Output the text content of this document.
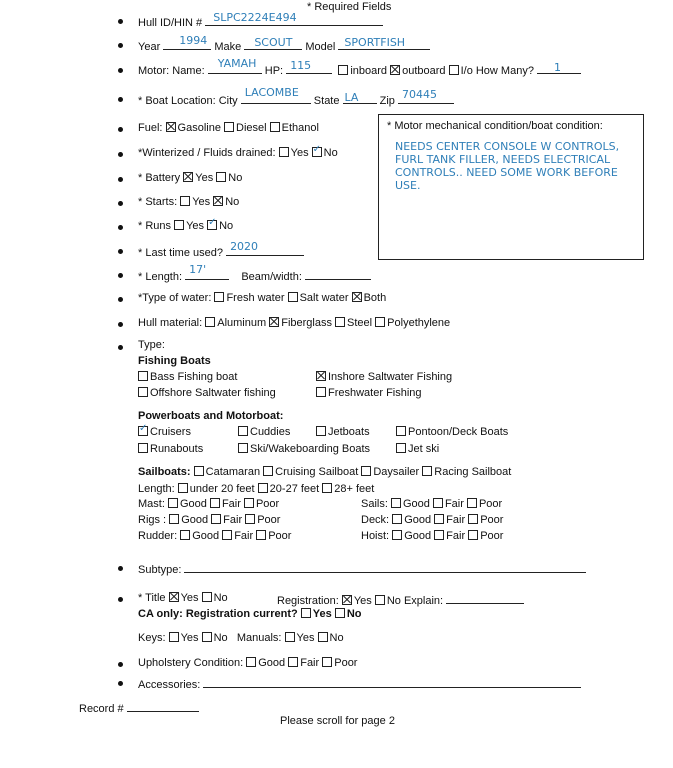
* Required Fields
Hull ID/HIN # SLPC2224E494
Year 1994 Make SCOUT Model SPORTFISH
Motor: Name:
YAMAH
HP: 115	inboard outboard I/o How Many? 1
* Boat Location: City
LACOMBE
State LA Zip 70445
Fuel: Gasoline Diesel Ethanol
*Winterized / Fluids drained: Yes ✓ No
* Battery Yes No
* Starts: Yes No
* Runs Yes ✓ No
* Motor mechanical condition/boat condition:
NEEDS CENTER CONSOLE W CONTROLS, FURL TANK FILLER, NEEDS ELECTRICAL CONTROLS.. NEED SOME WORK BEFORE USE.
* Last time used? 2020
* Length:
17'
Beam/width:
*Type of water: Fresh water Salt water Both
Hull material: Aluminum Fiberglass Steel Polyethylene
Type:
Fishing Boats
Bass Fishing boat	Inshore Saltwater Fishing
Offshore Saltwater fishing	Freshwater Fishing
Powerboats and Motorboat:
✓Cruisers	Cuddies	Jetboats	Pontoon/Deck Boats
Runabouts	Ski/Wakeboarding Boats	Jet ski
Sailboats: Catamaran Cruising Sailboat Daysailer Racing Sailboat
Length: under 20 feet 20-27 feet 28+ feet
Mast: Good Fair Poor
Rigs : Good Fair Poor
Rudder: Good Fair Poor
Sails: Good Fair Poor
Deck: Good Fair Poor
Hoist: Good Fair Poor
Subtype:
* Title Yes No	Registration: Yes No Explain:
CA only: Registration current? Yes No
Keys: Yes No Manuals: Yes No
Upholstery Condition: Good Fair Poor
Accessories:
Record #
Please scroll for page 2
